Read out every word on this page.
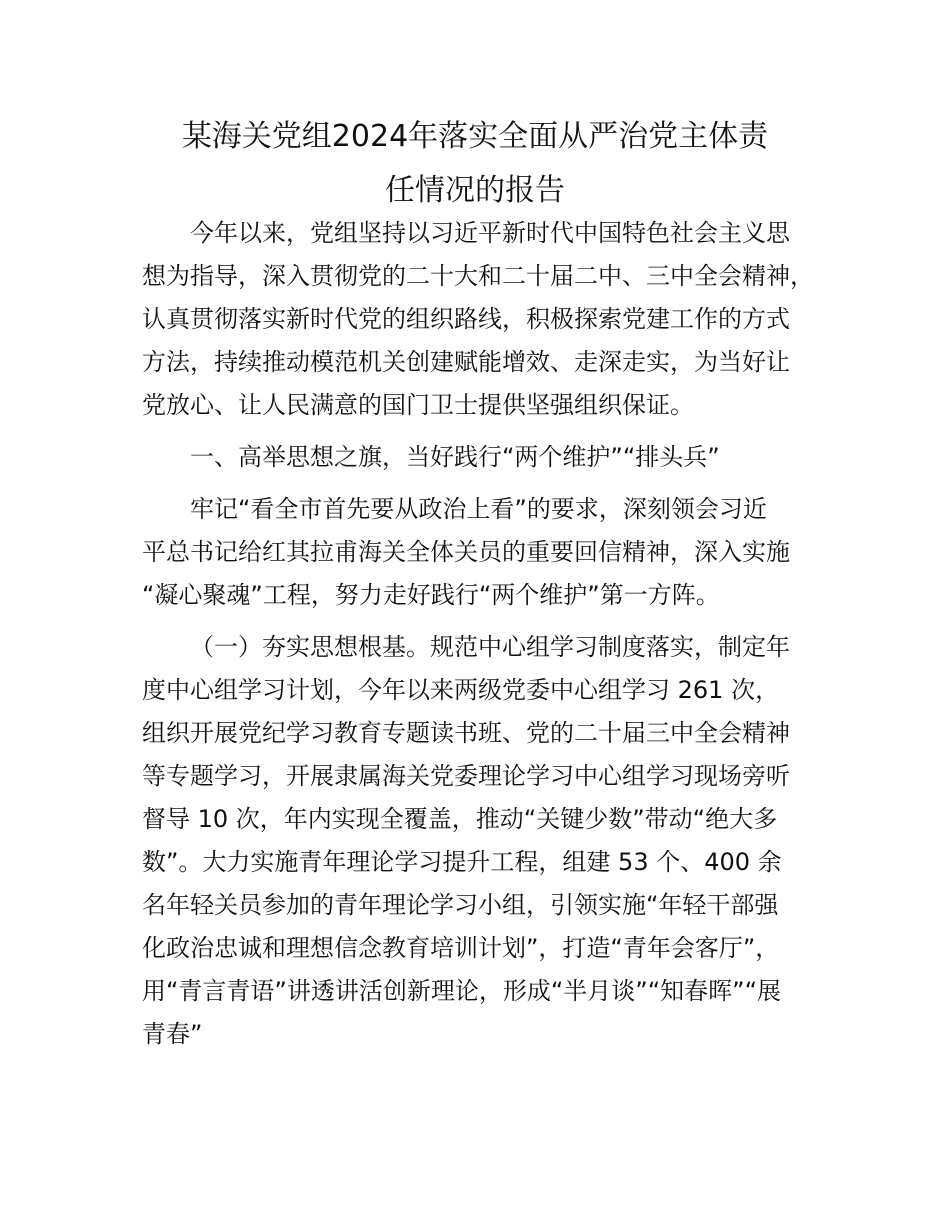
某海关党组2024年落实全面从严治党主体责
任情况的报告
今年以来，党组坚持以习近平新时代中国特色社会主义思
想为指导，深入贯彻党的二十大和二十届二中、三中全会精神，
认真贯彻落实新时代党的组织路线，积极探索党建工作的方式
方法，持续推动模范机关创建赋能增效、走深走实，为当好让
党放心、让人民满意的国门卫士提供坚强组织保证。
一、高举思想之旗，当好践行“两个维护”“排头兵”
牢记“看全市首先要从政治上看”的要求，深刻领会习近
平总书记给红其拉甫海关全体关员的重要回信精神，深入实施
“凝心聚魂”工程，努力走好践行“两个维护”第一方阵。
（一）夯实思想根基。规范中心组学习制度落实，制定年
度中心组学习计划，今年以来两级党委中心组学习 261 次，
组织开展党纪学习教育专题读书班、党的二十届三中全会精神
等专题学习，开展隶属海关党委理论学习中心组学习现场旁听
督导 10 次，年内实现全覆盖，推动“关键少数”带动“绝大多
数”。大力实施青年理论学习提升工程，组建 53 个、400 余
名年轻关员参加的青年理论学习小组，引领实施“年轻干部强
化政治忠诚和理想信念教育培训计划”，打造“青年会客厅”，
用“青言青语”讲透讲活创新理论，形成“半月谈”“知春晖”“展
青春”
